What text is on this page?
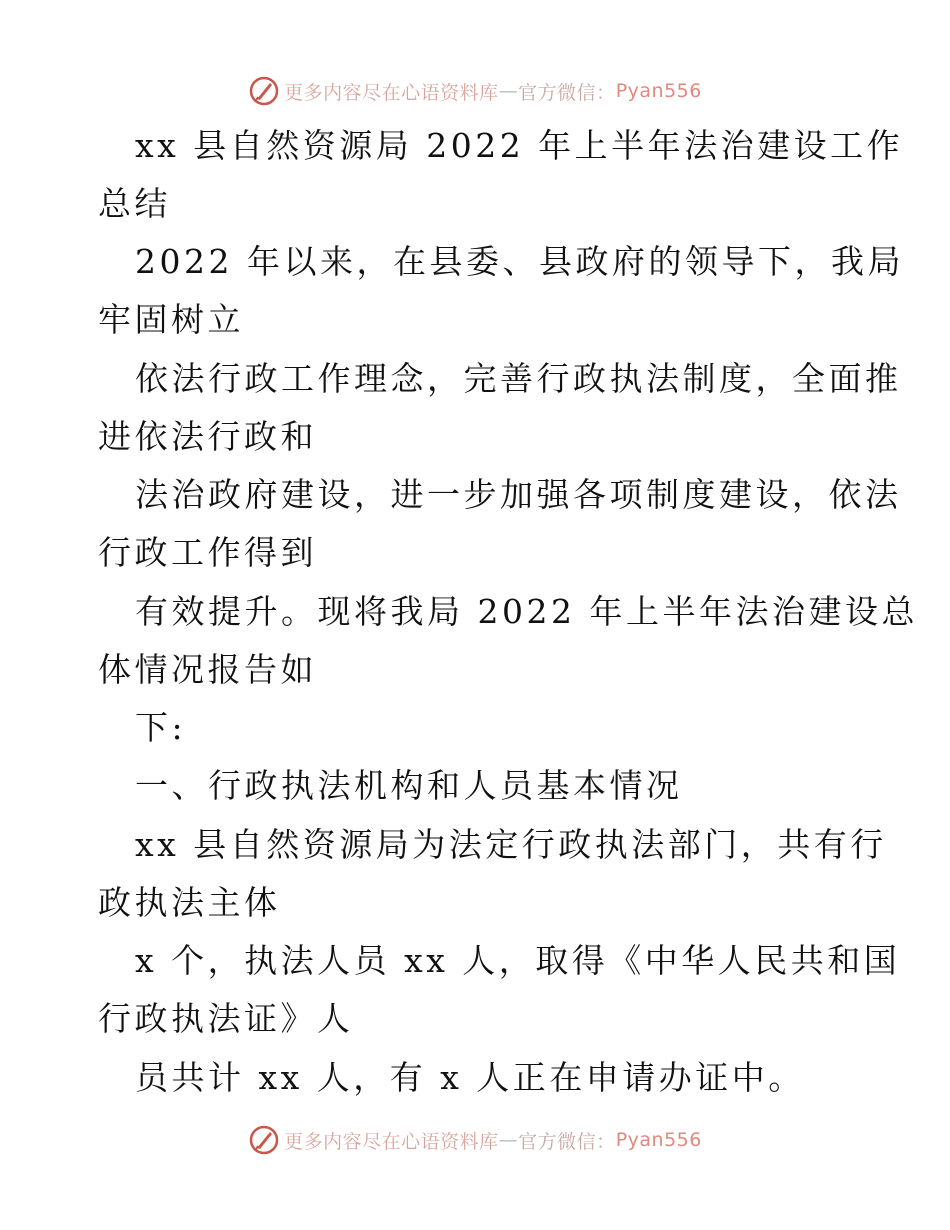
更多内容尽在心语资料库 — 官方微信： Pyan556
xx 县自然资源局 2022 年上半年法治建设工作
总结
2022 年以来，在县委、县政府的领导下，我局
牢固树立
依法行政工作理念，完善行政执法制度，全面推
进依法行政和
法治政府建设，进一步加强各项制度建设，依法
行政工作得到
有效提升。现将我局 2022 年上半年法治建设总
体情况报告如
下:
一、行政执法机构和人员基本情况
xx 县自然资源局为法定行政执法部门，共有行
政执法主体
x 个，执法人员 xx 人，取得《中华人民共和国
行政执法证》人
员共计 xx 人，有 x 人正在申请办证中。
更多内容尽在心语资料库 — 官方微信： Pyan556
